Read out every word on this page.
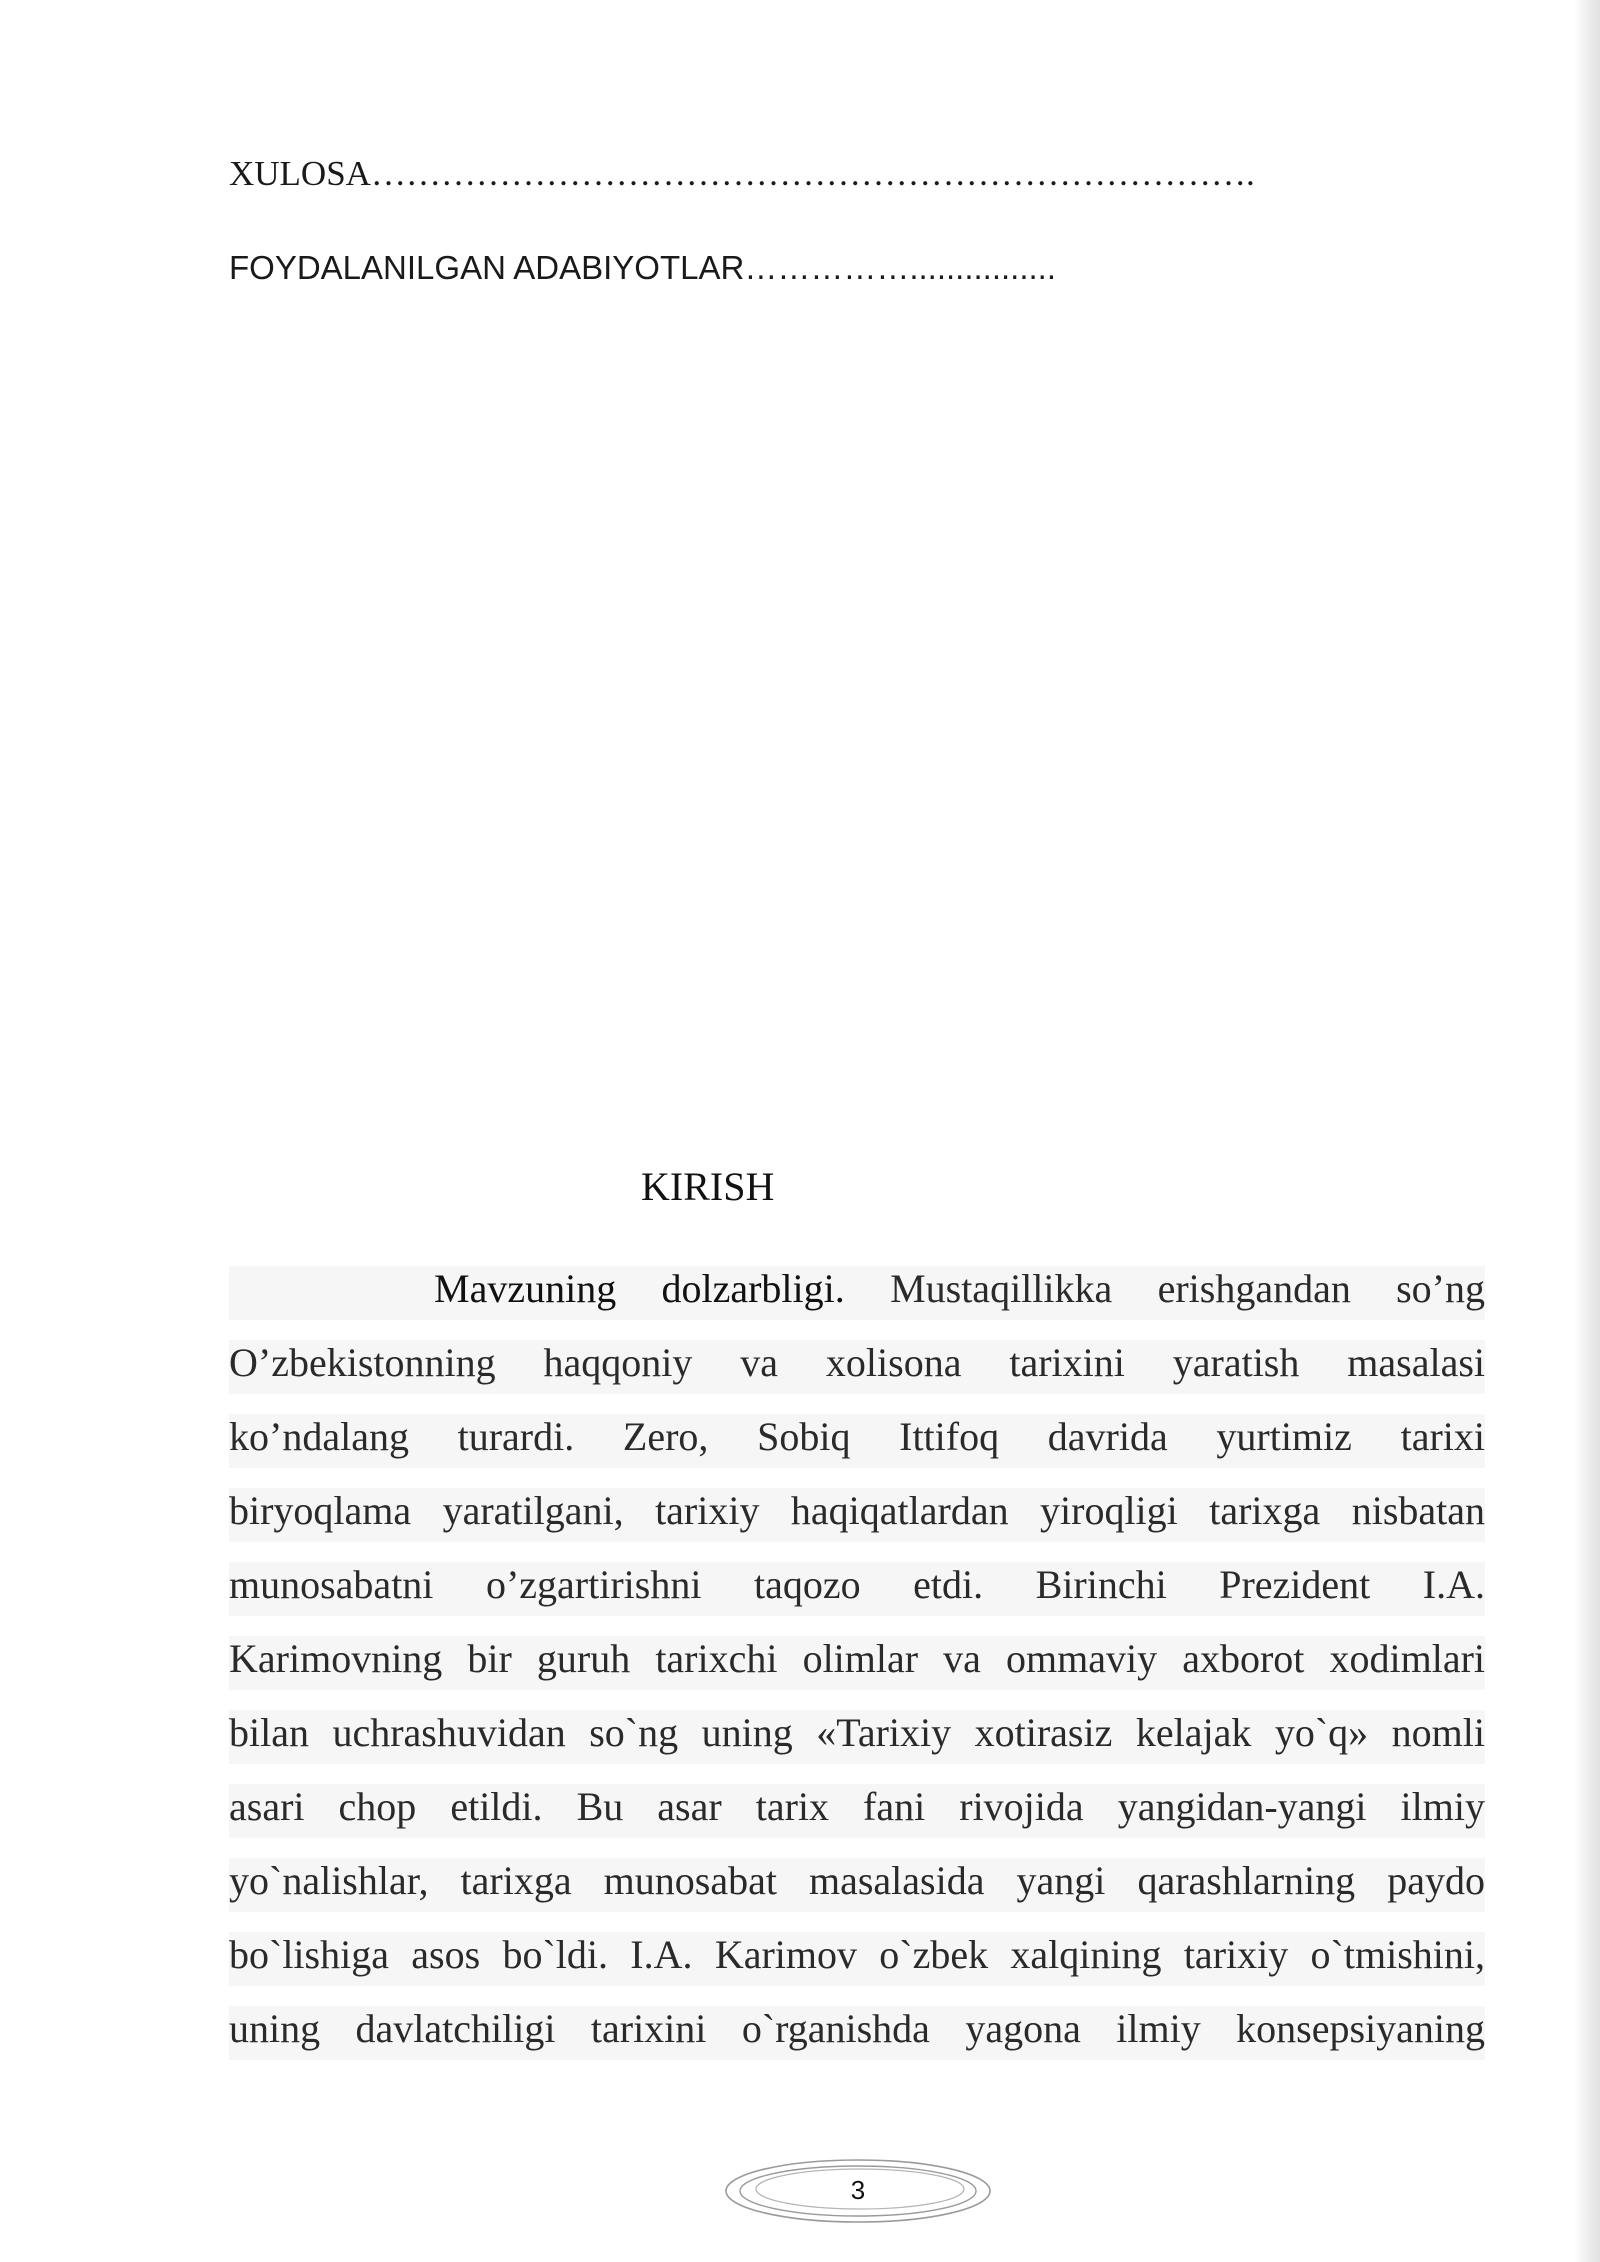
XULOSA………………………………………………………………….
FOYDALANILGAN ADABIYOTLAR……………................
KIRISH
Mavzuning dolzarbligi. Mustaqillikka erishgandan so’ng
O’zbekistonning haqqoniy va xolisona tarixini yaratish masalasi
ko’ndalang turardi. Zero, Sobiq Ittifoq davrida yurtimiz tarixi
biryoqlama yaratilgani, tarixiy haqiqatlardan yiroqligi tarixga nisbatan
munosabatni o’zgartirishni taqozo etdi. Birinchi Prezident I.A.
Karimovning bir guruh tarixchi olimlar va ommaviy axborot xodimlari
bilan uchrashuvidan so`ng uning «Tarixiy xotirasiz kelajak yo`q» nomli
asari chop etildi. Bu asar tarix fani rivojida yangidan-yangi ilmiy
yo`nalishlar, tarixga munosabat masalasida yangi qarashlarning paydo
bo`lishiga asos bo`ldi. I.A. Karimov o`zbek xalqining tarixiy o`tmishini,
uning davlatchiligi tarixini o`rganishda yagona ilmiy konsepsiyaning
3
